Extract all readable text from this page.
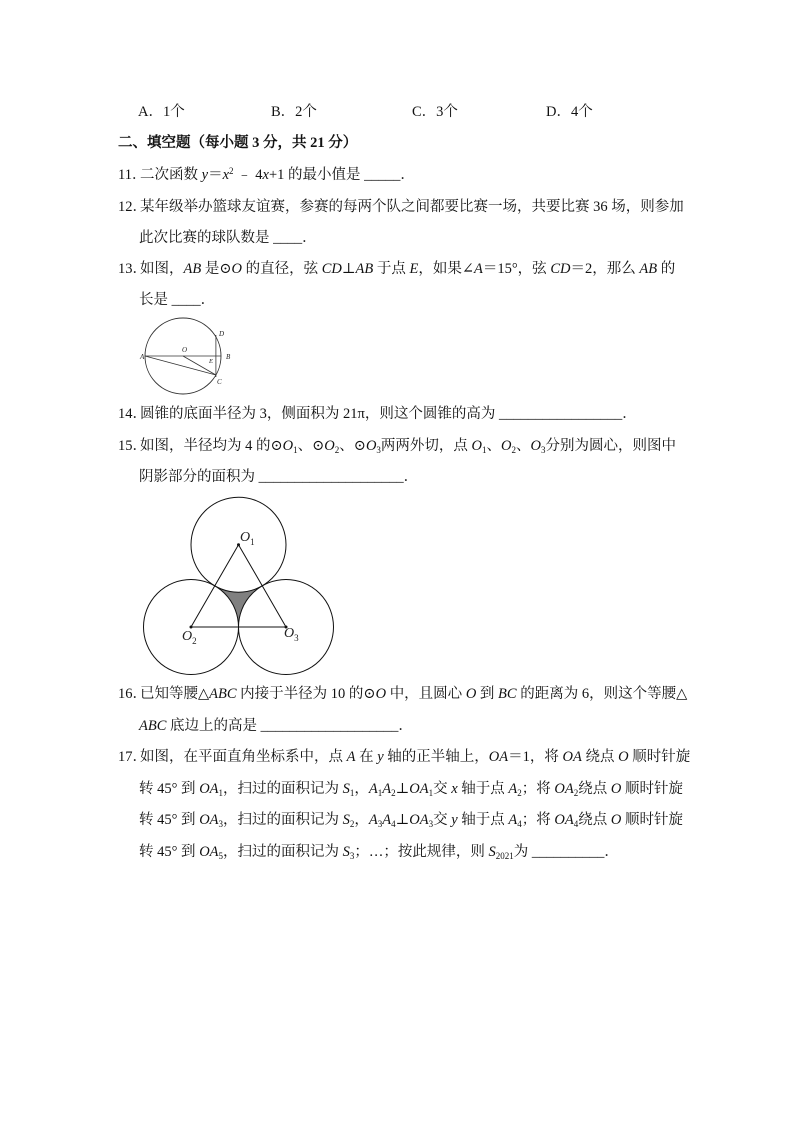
A．1个	B．2个	C．3个	D．4个
二、填空题（每小题 3 分，共 21 分）
11．二次函数 $y=x^2$ ﹣ 4x+1 的最小值是 _____．
12．某年级举办篮球友谊赛，参赛的每两个队之间都要比赛一场，共要比赛 36 场，则参加
此次比赛的球队数是 ____．
13．如图，AB 是⊙O 的直径，弦 CD⊥AB 于点 E，如果∠A＝15°，弦 CD＝2，那么 AB 的
长是 ____．
A
O
E
B
D
C
14．圆锥的底面半径为 3，侧面积为 21π，则这个圆锥的高为 _________________．
15．如图，半径均为 4 的$⊙O_1$、$⊙O_2$、$⊙O_3$两两外切，点 $O_1$、$O_2$、$O_3$分别为圆心，则图中
阴影部分的面积为 ____________________．
$O_1$
$O_2$	$O_3$
16．已知等腰△ABC 内接于半径为 10 的⊙O 中，且圆心 O 到 BC 的距离为 6，则这个等腰△
ABC 底边上的高是 ___________________．
17．如图，在平面直角坐标系中，点 A 在 y 轴的正半轴上，OA＝1，将 OA 绕点 O 顺时针旋
转 45° 到 $OA_1$，扫过的面积记为 $S_1$，$A_1A_2\perp OA_1$交 x 轴于点 $A_2$；将 $OA_2$绕点 O 顺时针旋
转 45° 到 $OA_3$，扫过的面积记为 $S_2$，$A_3A_4\perp OA_3$交 y 轴于点 $A_4$；将 $OA_4$绕点 O 顺时针旋
转 45° 到 $OA_5$，扫过的面积记为 $S_3$；…；按此规律，则 $S_{2021}$为 __________．
